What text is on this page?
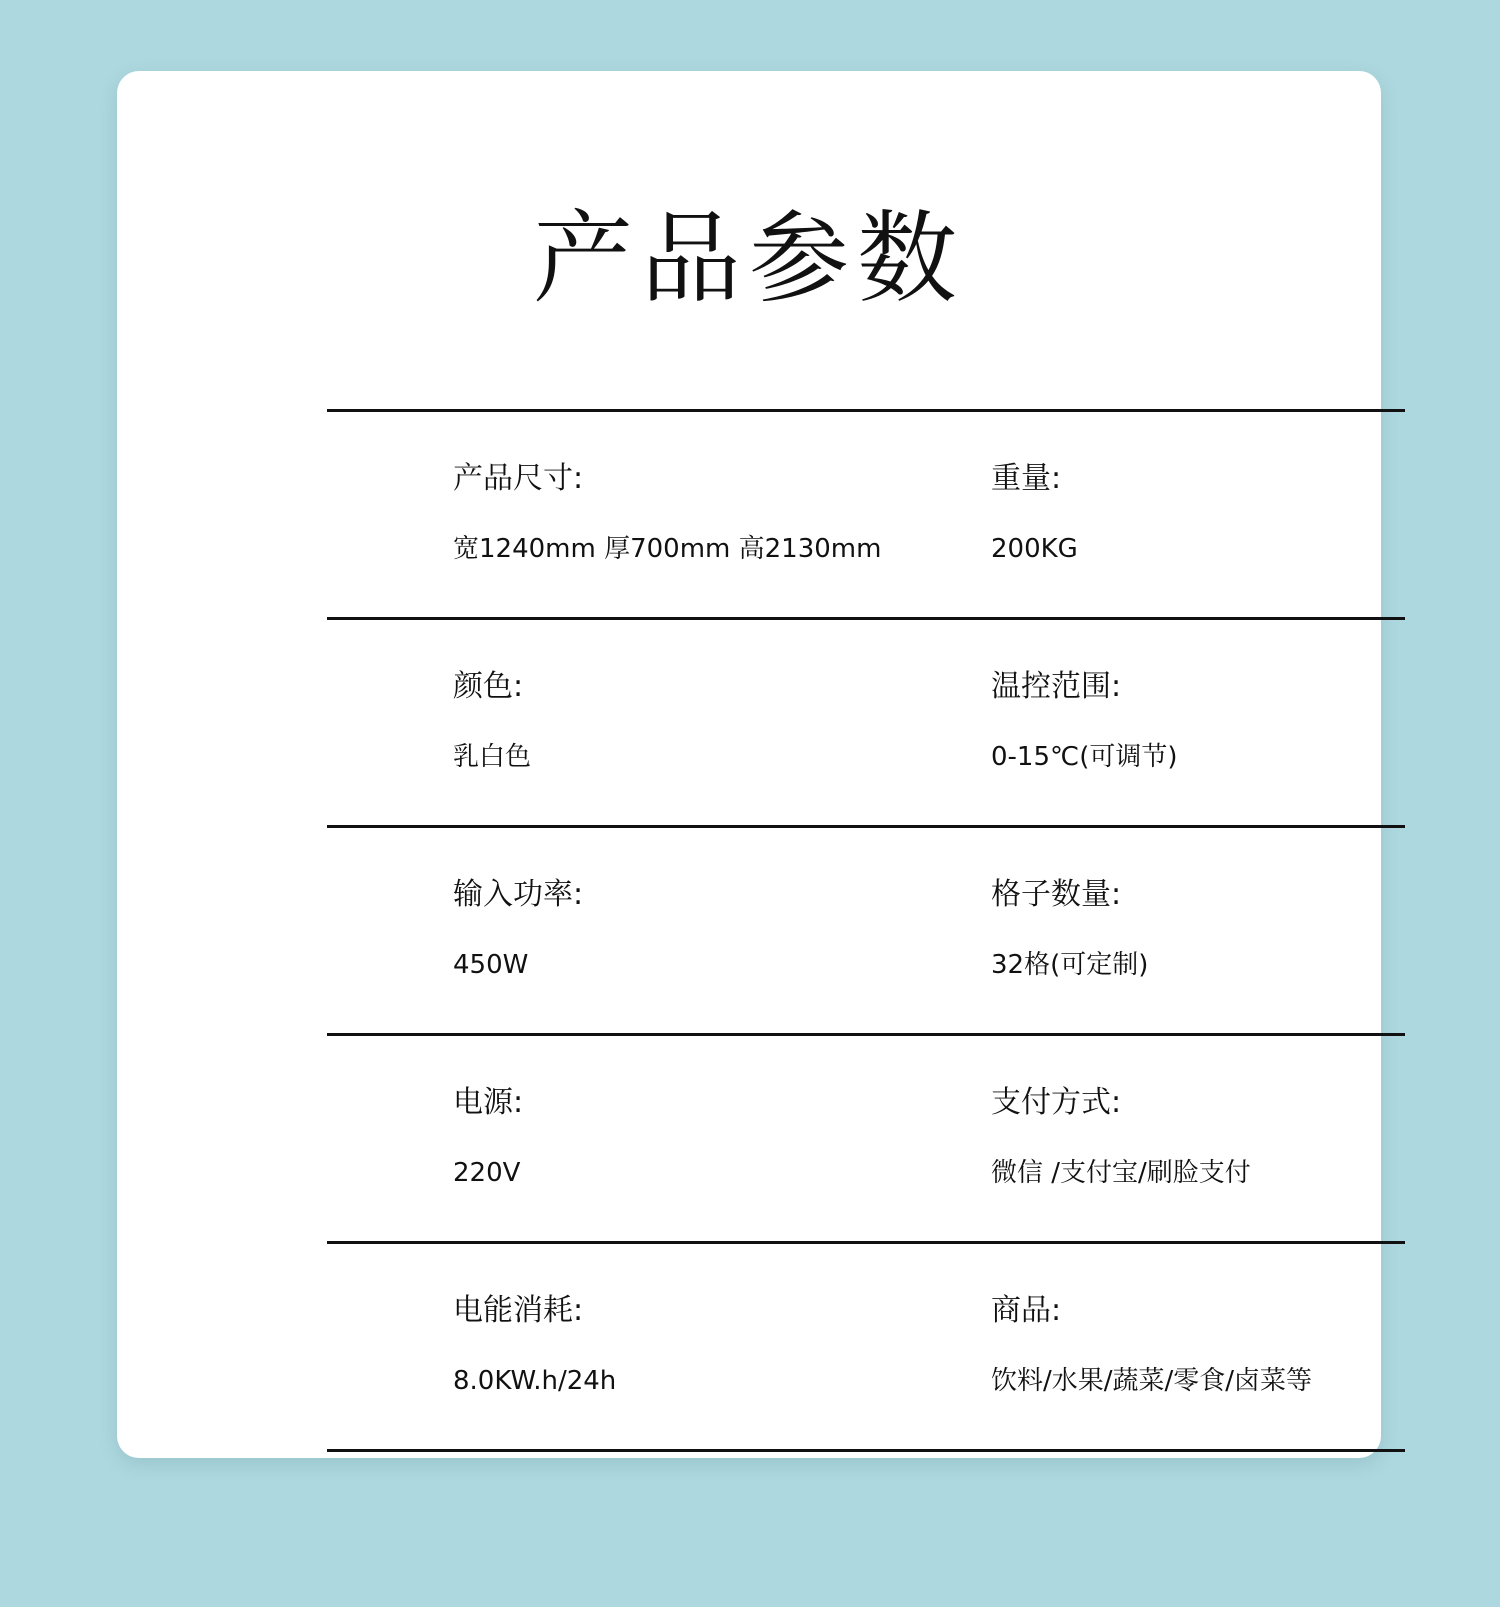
产品参数
产品尺寸:
宽1240mm 厚700mm 高2130mm
重量:
200KG
颜色:
乳白色
温控范围:
0-15℃(可调节)
输入功率:
450W
格子数量:
32格(可定制)
电源:
220V
支付方式:
微信 /支付宝/刷脸支付
电能消耗:
8.0KW.h/24h
商品:
饮料/水果/蔬菜/零食/卤菜等
